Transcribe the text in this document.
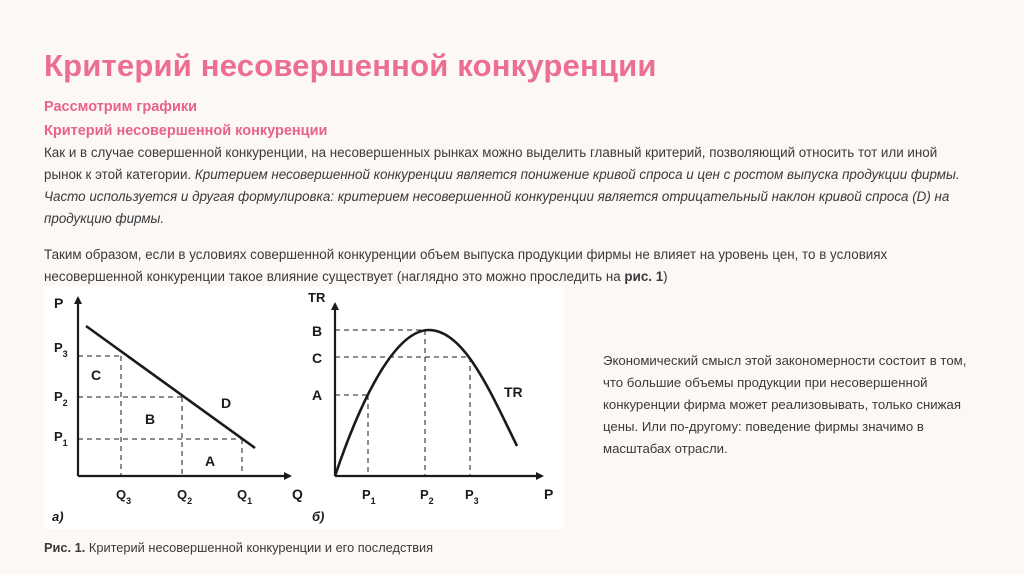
Критерий несовершенной конкуренции
Рассмотрим графики
Критерий несовершенной конкуренции
Как и в случае совершенной конкуренции, на несовершенных рынках можно выделить главный критерий, позволяющий относить тот или иной рынок к этой категории. Критерием несовершенной конкуренции является понижение кривой спроса и цен с ростом выпуска продукции фирмы. Часто используется и другая формулировка: критерием несовершенной конкуренции является отрицательный наклон кривой спроса (D) на продукцию фирмы.
Таким образом, если в условиях совершенной конкуренции объем выпуска продукции фирмы не влияет на уровень цен, то в условиях несовершенной конкуренции такое влияние существует (наглядно это можно проследить на рис. 1)
P
Q
$P_3$
$P_2$
$P_1$
$Q_3$	$Q_2$	$Q_1$
C
B
A
D
а)
TR
P
B
C
A
$P_1$	$P_2$ $P_3$
TR
б)
Экономический смысл этой закономерности состоит в том, что большие объемы продукции при несовершенной конкуренции фирма может реализовывать, только снижая цены. Или по-другому: поведение фирмы значимо в масштабах отрасли.
Рис. 1. Критерий несовершенной конкуренции и его последствия
